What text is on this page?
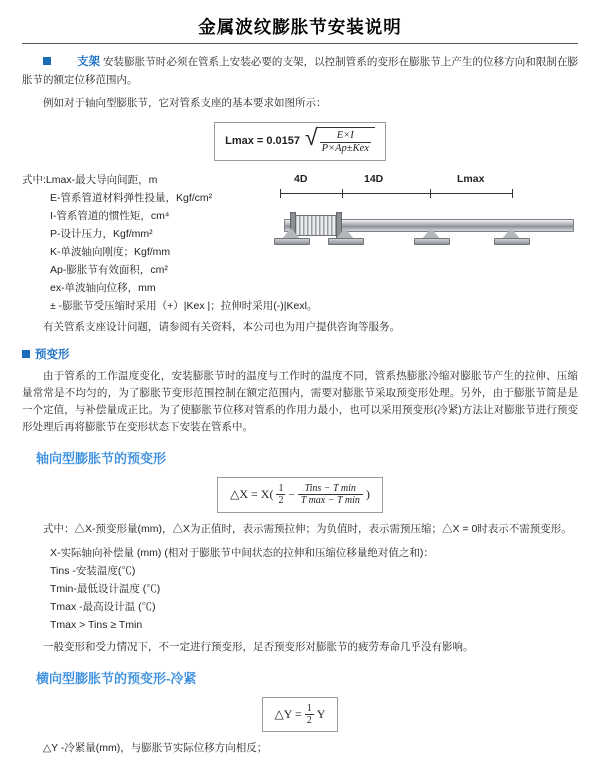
金属波纹膨胀节安装说明

支架 安装膨胀节时必须在管系上安装必要的支架，以控制管系的变形在膨胀节上产生的位移方向和限制在膨胀节的额定位移范围内。

例如对于轴向型膨胀节，它对管系支座的基本要求如图所示：

Lmax = 0.0157 √ $\frac{E\times I}{\text{P×Ap±Kex}}$
式中:Lmax-最大导向间距，m
E-管系管道材料弹性投量，Kgf/cm²
I-管系管道的惯性矩，cm⁴
P-设计压力，Kgf/mm²
K-单波轴向刚度；Kgf/mm
Ap-膨胀节有效面积，cm²
ex-单波轴向位移，mm
4D	14D	Lmax
± -膨胀节受压缩时采用（+）|Kex |；拉伸时采用(-)|Kexl。

有关管系支座设计问题，请参阅有关资料，本公司也为用户提供咨询等服务。

预变形

由于管系的工作温度变化，安装膨胀节时的温度与工作时的温度不同，管系热膨胀冷缩对膨胀节产生的拉伸、压缩量常常是不均匀的，为了膨胀节变形范围控制在额定范围内，需要对膨胀节采取预变形处理。另外，由于膨胀节简是是一个定值，与补偿量成正比。为了使膨胀节位移对管系的作用力最小，也可以采用预变形(冷紧)方法让对膨胀节进行预变形处理后再将膨胀节在变形状态下安装在管系中。

轴向型膨胀节的预变形
△X = $X( \frac{1}{2} - \frac{\text{Tins − T min}}{\text{T max − T min}}$ )

式中：△X-预变形量(mm)，△X为正值时，表示需预拉伸；为负值时，表示需预压缩；△X = 0时表示不需预变形。

X-实际轴向补偿量 (mm) (相对于膨胀节中间状态的拉伸和压缩位移量绝对值之和)：
Tins -安装温度(℃)
Tmin-最低设计温度 (℃)
Tmax -最高设计温 (℃)
Tmax > Tins ≥ Tmin

一般变形和受力情况下，不一定进行预变形，足否预变形对膨胀节的疲劳寿命几乎没有影响。

横向型膨胀节的预变形-冷紧
△Y = $\frac{1}{2}$ Y

△Y -冷紧量(mm)，与膨胀节实际位移方向相反；
